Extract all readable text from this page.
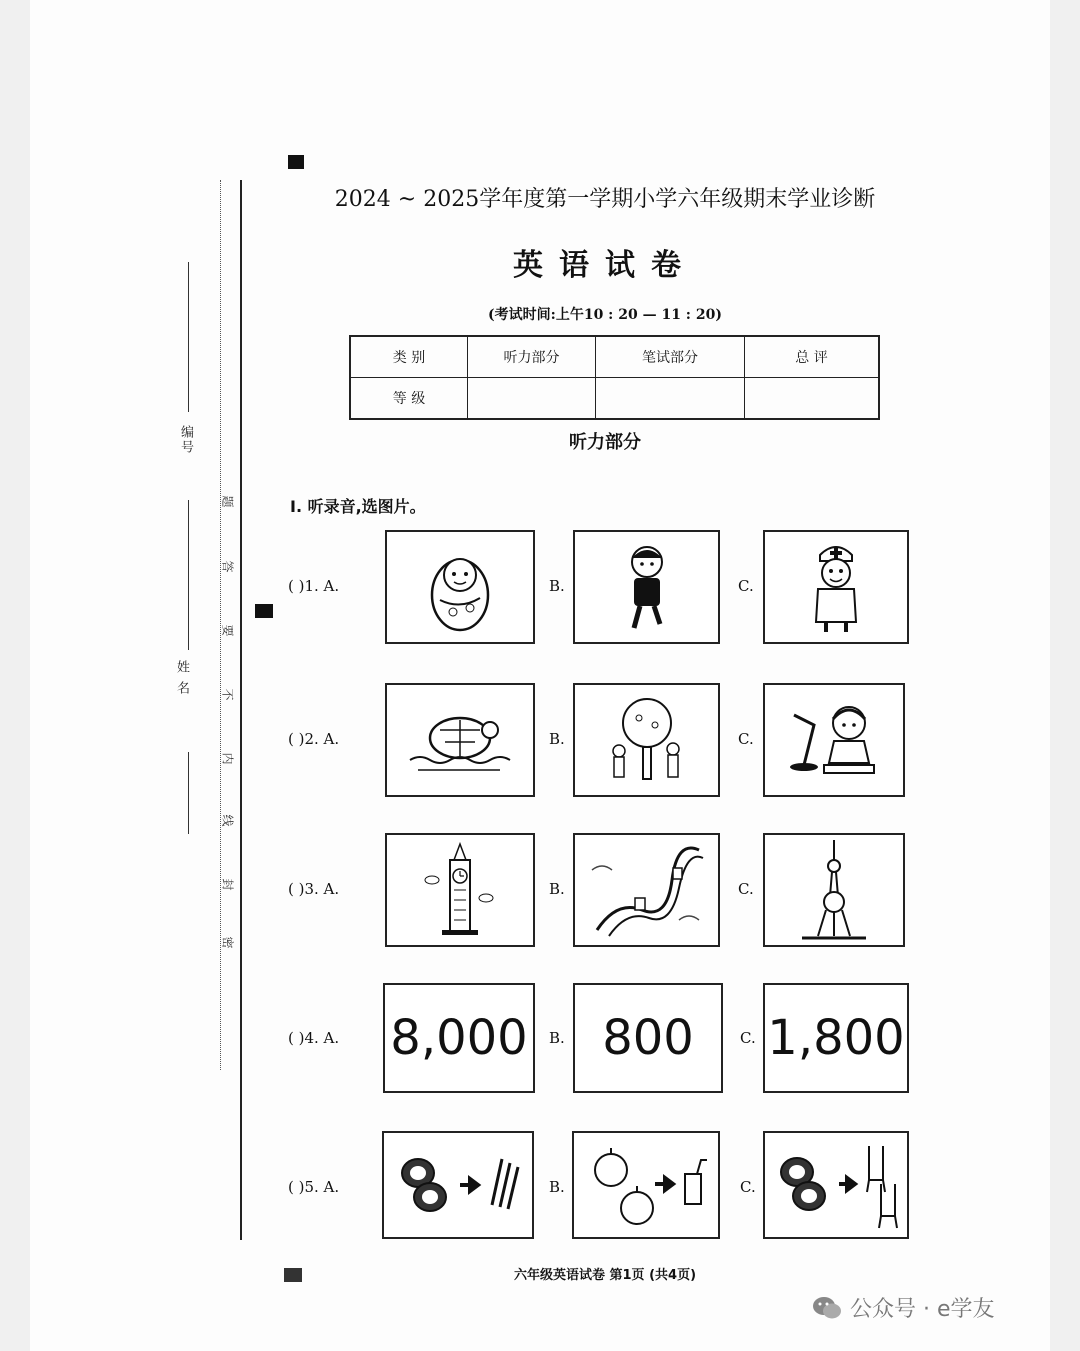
编号
姓 名
题
答
要
不
内
线
封
密
2024 ~ 2025学年度第一学期小学六年级期末学业诊断
英语试卷
(考试时间:上午10 : 20 — 11 : 20)
类 别	听力部分	笔试部分	总 评
等 级			
听力部分
I. 听录音,选图片。
( )1. A.	B.	C.
( )2. A.	B.	C.
( )3. A.	B.	C.
( )4. A. 8,000 B. 800	C. 1,800
( )5. A.	B.	C.
六年级英语试卷 第1页 (共4页)
公众号 · e学友
